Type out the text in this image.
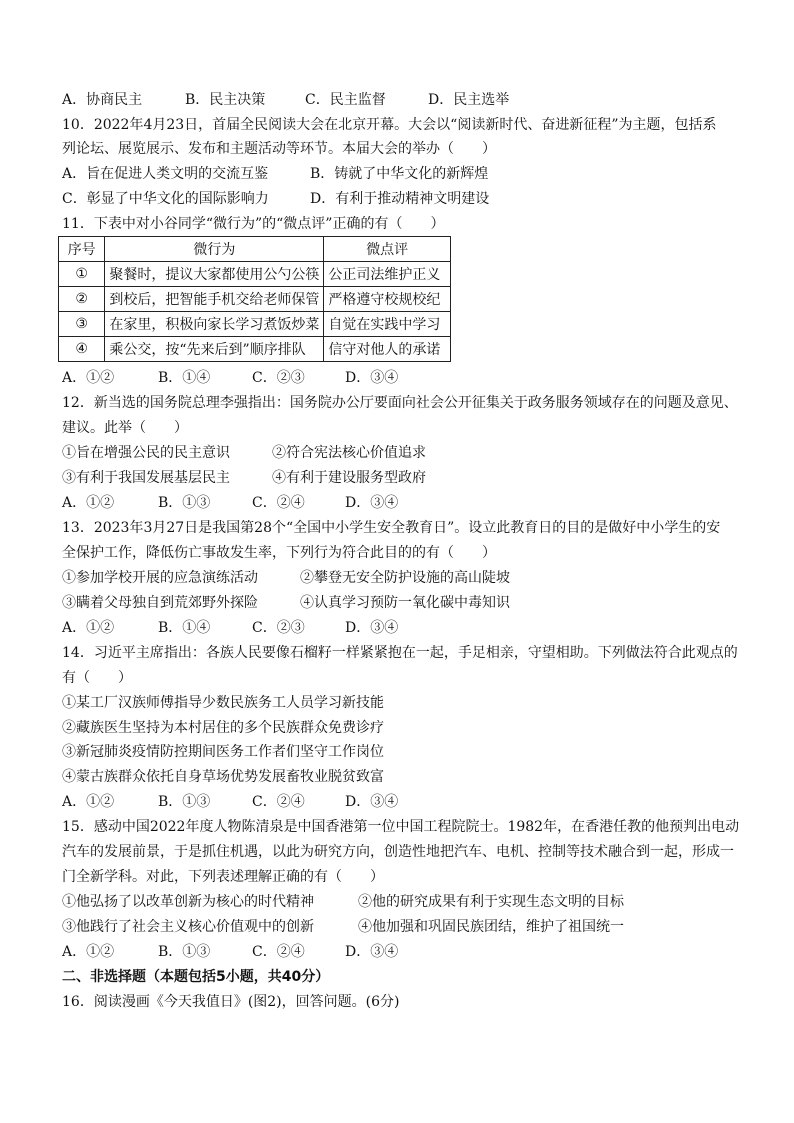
A．协商民主	B．民主决策	C．民主监督	D．民主选举
10．2022年4月23日，首届全民阅读大会在北京开幕。大会以“阅读新时代、奋进新征程”为主题，包括系
列论坛、展览展示、发布和主题活动等环节。本届大会的举办（　　）
A．旨在促进人类文明的交流互鉴	B．铸就了中华文化的新辉煌
C．彰显了中华文化的国际影响力	D．有利于推动精神文明建设
11．下表中对小谷同学“微行为”的“微点评”正确的有（　　）
序号	微行为	微点评
①	聚餐时，提议大家都使用公勺公筷	公正司法维护正义
②	到校后，把智能手机交给老师保管	严格遵守校规校纪
③	在家里，积极向家长学习煮饭炒菜	自觉在实践中学习
④	乘公交，按“先来后到”顺序排队	信守对他人的承诺
A．①②	B．①④	C．②③	D．③④
12．新当选的国务院总理李强指出：国务院办公厅要面向社会公开征集关于政务服务领域存在的问题及意见、
建议。此举（　　）
①旨在增强公民的民主意识	②符合宪法核心价值追求
③有利于我国发展基层民主	④有利于建设服务型政府
A．①②	B．①③	C．②④	D．③④
13．2023年3月27日是我国第28个“全国中小学生安全教育日”。设立此教育日的目的是做好中小学生的安
全保护工作，降低伤亡事故发生率，下列行为符合此目的的有（　　）
①参加学校开展的应急演练活动	②攀登无安全防护设施的高山陡坡
③瞒着父母独自到荒郊野外探险	④认真学习预防一氧化碳中毒知识
A．①②	B．①④	C．②③	D．③④
14．习近平主席指出：各族人民要像石榴籽一样紧紧抱在一起，手足相亲，守望相助。下列做法符合此观点的
有（　　）
①某工厂汉族师傅指导少数民族务工人员学习新技能
②藏族医生坚持为本村居住的多个民族群众免费诊疗
③新冠肺炎疫情防控期间医务工作者们坚守工作岗位
④蒙古族群众依托自身草场优势发展畜牧业脱贫致富
A．①②	B．①③	C．②④	D．③④
15．感动中国2022年度人物陈清泉是中国香港第一位中国工程院院士。1982年，在香港任教的他预判出电动
汽车的发展前景，于是抓住机遇，以此为研究方向，创造性地把汽车、电机、控制等技术融合到一起，形成一
门全新学科。对此，下列表述理解正确的有（　　）
①他弘扬了以改革创新为核心的时代精神	②他的研究成果有利于实现生态文明的目标
③他践行了社会主义核心价值观中的创新	④他加强和巩固民族团结，维护了祖国统一
A．①②	B．①③	C．②④	D．③④
二、非选择题（本题包括5小题，共40分）
16．阅读漫画《今天我值日》(图2)，回答问题。(6分)
